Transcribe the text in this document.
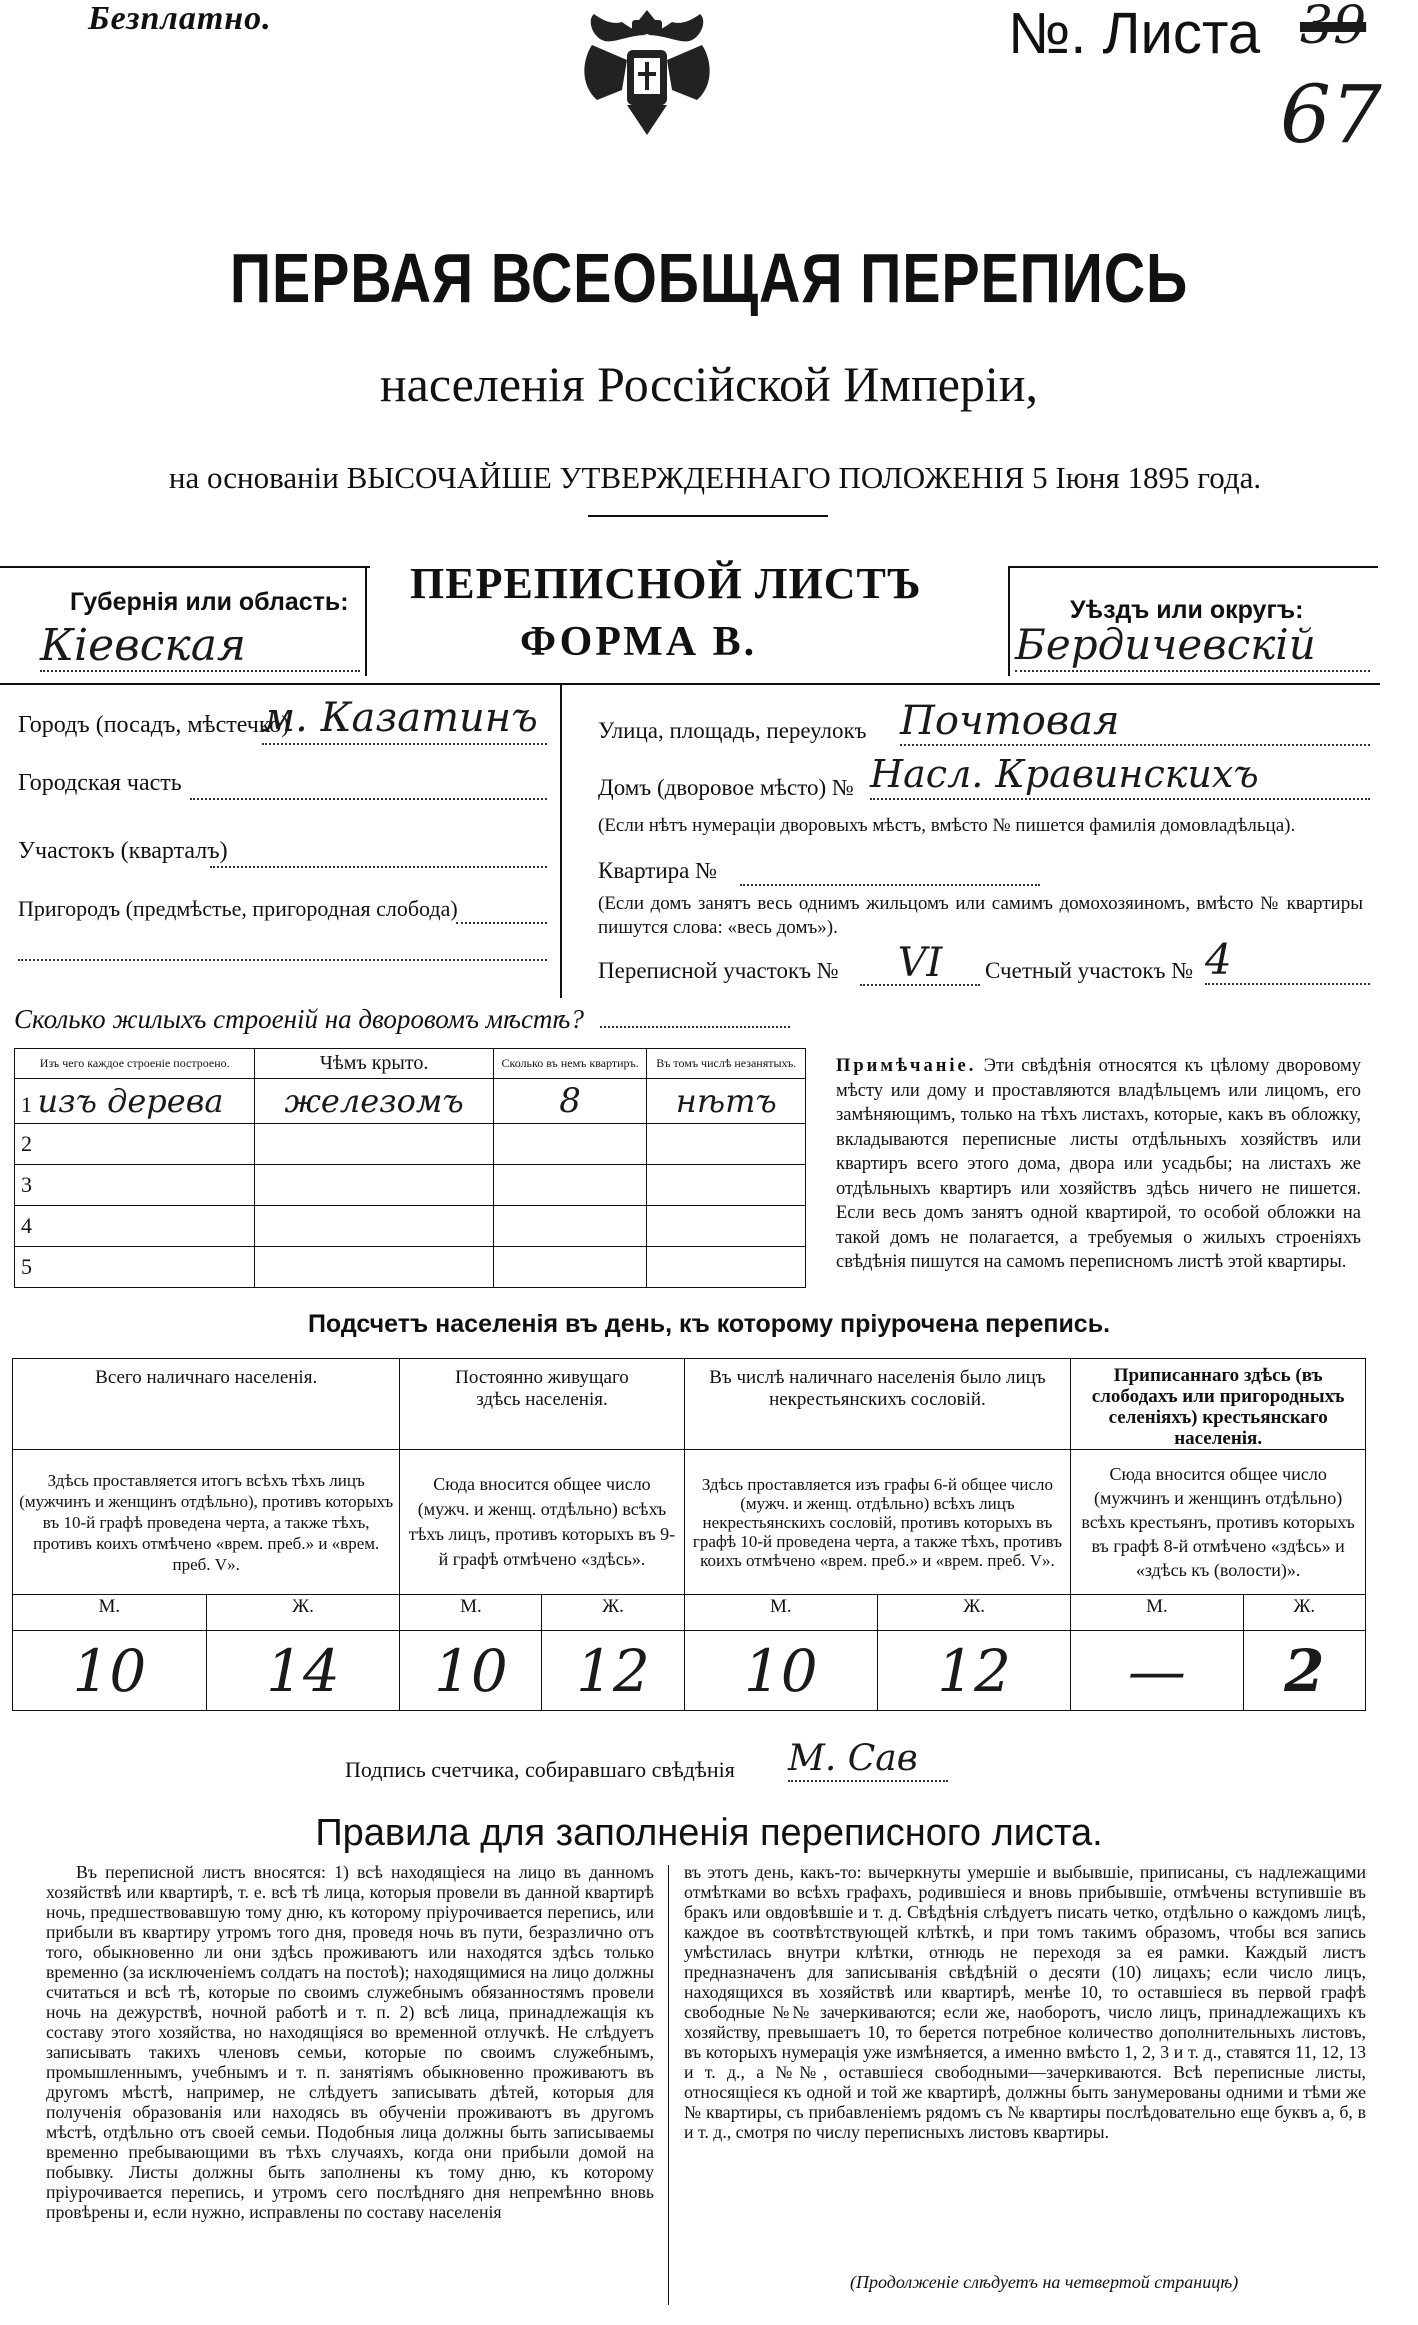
Безплатно.	№. Листа 39
67
ПЕРВАЯ ВСЕОБЩАЯ ПЕРЕПИСЬ
населенія Россійской Имперіи,
на основаніи ВЫСОЧАЙШЕ УТВЕРЖДЕННАГО ПОЛОЖЕНІЯ 5 Іюня 1895 года.
Губернія или область:
Кіевская
ПЕРЕПИСНОЙ ЛИСТЪ
ФОРМА В.
Уѣздъ или округъ:
Бердичевскій
Городъ (посадъ, мѣстечко)
м. Казатинъ
Городская часть
Участокъ (кварталъ)
Пригородъ (предмѣстье, пригородная слобода)
Улица, площадь, переулокъ Почтовая
Домъ (дворовое мѣсто) № Насл. Кравинскихъ
(Если нѣтъ нумераціи дворовыхъ мѣстъ, вмѣсто № пишется фамилія домовладѣльца).
Квартира №
(Если домъ занятъ весь однимъ жильцомъ или самимъ домохозяиномъ, вмѣсто № квартиры пишутся слова: «весь домъ»).
Переписной участокъ №	VI	Счетный участокъ № 4
Сколько жилыхъ строеній на дворовомъ мѣстѣ?
Изъ чего каждое строеніе построено.	Чѣмъ крыто.	Сколько въ немъ квартиръ.	Въ томъ числѣ незанятыхъ.
1 изъ дерева	железомъ	8	нѣтъ
2			
3			
4			
5			
Примѣчаніе. Эти свѣдѣнія относятся къ цѣлому дворовому мѣсту или дому и проставляются владѣльцемъ или лицомъ, его замѣняющимъ, только на тѣхъ листахъ, которые, какъ въ обложку, вкладываются переписные листы отдѣльныхъ хозяйствъ или квартиръ всего этого дома, двора или усадьбы; на листахъ же отдѣльныхъ квартиръ или хозяйствъ здѣсь ничего не пишется. Если весь домъ занятъ одной квартирой, то особой обложки на такой домъ не полагается, а требуемыя о жилыхъ строеніяхъ свѣдѣнія пишутся на самомъ переписномъ листѣ этой квартиры.
Подсчетъ населенія въ день, къ которому пріурочена перепись.
Всего наличнаго населенія.		Постоянно живущаго здѣсь населенія.		Въ числѣ наличнаго населенія было лицъ некрестьянскихъ сословій.		Приписаннаго здѣсь (въ слободахъ или пригородныхъ селеніяхъ) крестьянскаго населенія.	
Здѣсь проставляется итогъ всѣхъ тѣхъ лицъ (мужчинъ и женщинъ отдѣльно), противъ которыхъ въ 10-й графѣ проведена черта, а также тѣхъ, противъ коихъ отмѣчено «врем. преб.» и «врем. преб. V».		Сюда вносится общее число (мужч. и женщ. отдѣльно) всѣхъ тѣхъ лицъ, противъ которыхъ въ 9-й графѣ отмѣчено «здѣсь».		Здѣсь проставляется изъ графы 6-й общее число (мужч. и женщ. отдѣльно) всѣхъ лицъ некрестьянскихъ сословій, противъ которыхъ въ графѣ 10-й проведена черта, а также тѣхъ, противъ коихъ отмѣчено «врем. преб.» и «врем. преб. V».		Сюда вносится общее число (мужчинъ и женщинъ отдѣльно) всѣхъ крестьянъ, противъ которыхъ въ графѣ 8-й отмѣчено «здѣсь» и «здѣсь къ (волости)».	
М.	Ж.	М.	Ж.	М.	Ж.	М.	Ж.
10	14	10	12	10	12	—	2
Подпись счетчика, собиравшаго свѣдѣнія М. Сав
Правила для заполненія переписного листа.
Въ переписной листъ вносятся: 1) всѣ находящіеся на лицо въ данномъ хозяйствѣ или квартирѣ, т. е. всѣ тѣ лица, которыя провели въ данной квартирѣ ночь, предшествовавшую тому дню, къ которому пріурочивается перепись, или прибыли въ квартиру утромъ того дня, проведя ночь въ пути, безразлично отъ того, обыкновенно ли они здѣсь проживаютъ или находятся здѣсь только временно (за исключеніемъ солдатъ на постоѣ); находящимися на лицо должны считаться и всѣ тѣ, которые по своимъ служебнымъ обязанностямъ провели ночь на дежурствѣ, ночной работѣ и т. п. 2) всѣ лица, принадлежащія къ составу этого хозяйства, но находящіяся во временной отлучкѣ. Не слѣдуетъ записывать такихъ членовъ семьи, которые по своимъ служебнымъ, промышленнымъ, учебнымъ и т. п. занятіямъ обыкновенно проживаютъ въ другомъ мѣстѣ, например, не слѣдуетъ записывать дѣтей, которыя для полученія образованія или находясь въ обученіи проживаютъ въ другомъ мѣстѣ, отдѣльно отъ своей семьи. Подобныя лица должны быть записываемы временно пребывающими въ тѣхъ случаяхъ, когда они прибыли домой на побывку. Листы должны быть заполнены къ тому дню, къ которому пріурочивается перепись, и утромъ сего послѣдняго дня непремѣнно вновь провѣрены и, если нужно, исправлены по составу населенія
въ этотъ день, какъ-то: вычеркнуты умершіе и выбывшіе, приписаны, съ надлежащими отмѣтками во всѣхъ графахъ, родившіеся и вновь прибывшіе, отмѣчены вступившіе въ бракъ или овдовѣвшіе и т. д. Свѣдѣнія слѣдуетъ писать четко, отдѣльно о каждомъ лицѣ, каждое въ соотвѣтствующей клѣткѣ, и при томъ такимъ образомъ, чтобы вся запись умѣстилась внутри клѣтки, отнюдь не переходя за ея рамки. Каждый листъ предназначенъ для записыванія свѣдѣній о десяти (10) лицахъ; если число лицъ, находящихся въ хозяйствѣ или квартирѣ, менѣе 10, то оставшіеся въ первой графѣ свободные №№ зачеркиваются; если же, наоборотъ, число лицъ, принадлежащихъ къ хозяйству, превышаетъ 10, то берется потребное количество дополнительныхъ листовъ, въ которыхъ нумерація уже измѣняется, а именно вмѣсто 1, 2, 3 и т. д., ставятся 11, 12, 13 и т. д., а №№, оставшіеся свободными—зачеркиваются. Всѣ переписные листы, относящіеся къ одной и той же квартирѣ, должны быть занумерованы одними и тѣми же № квартиры, съ прибавленіемъ рядомъ съ № квартиры послѣдовательно еще буквъ а, б, в и т. д., смотря по числу переписныхъ листовъ квартиры.
(Продолженіе слѣдуетъ на четвертой страницѣ)
